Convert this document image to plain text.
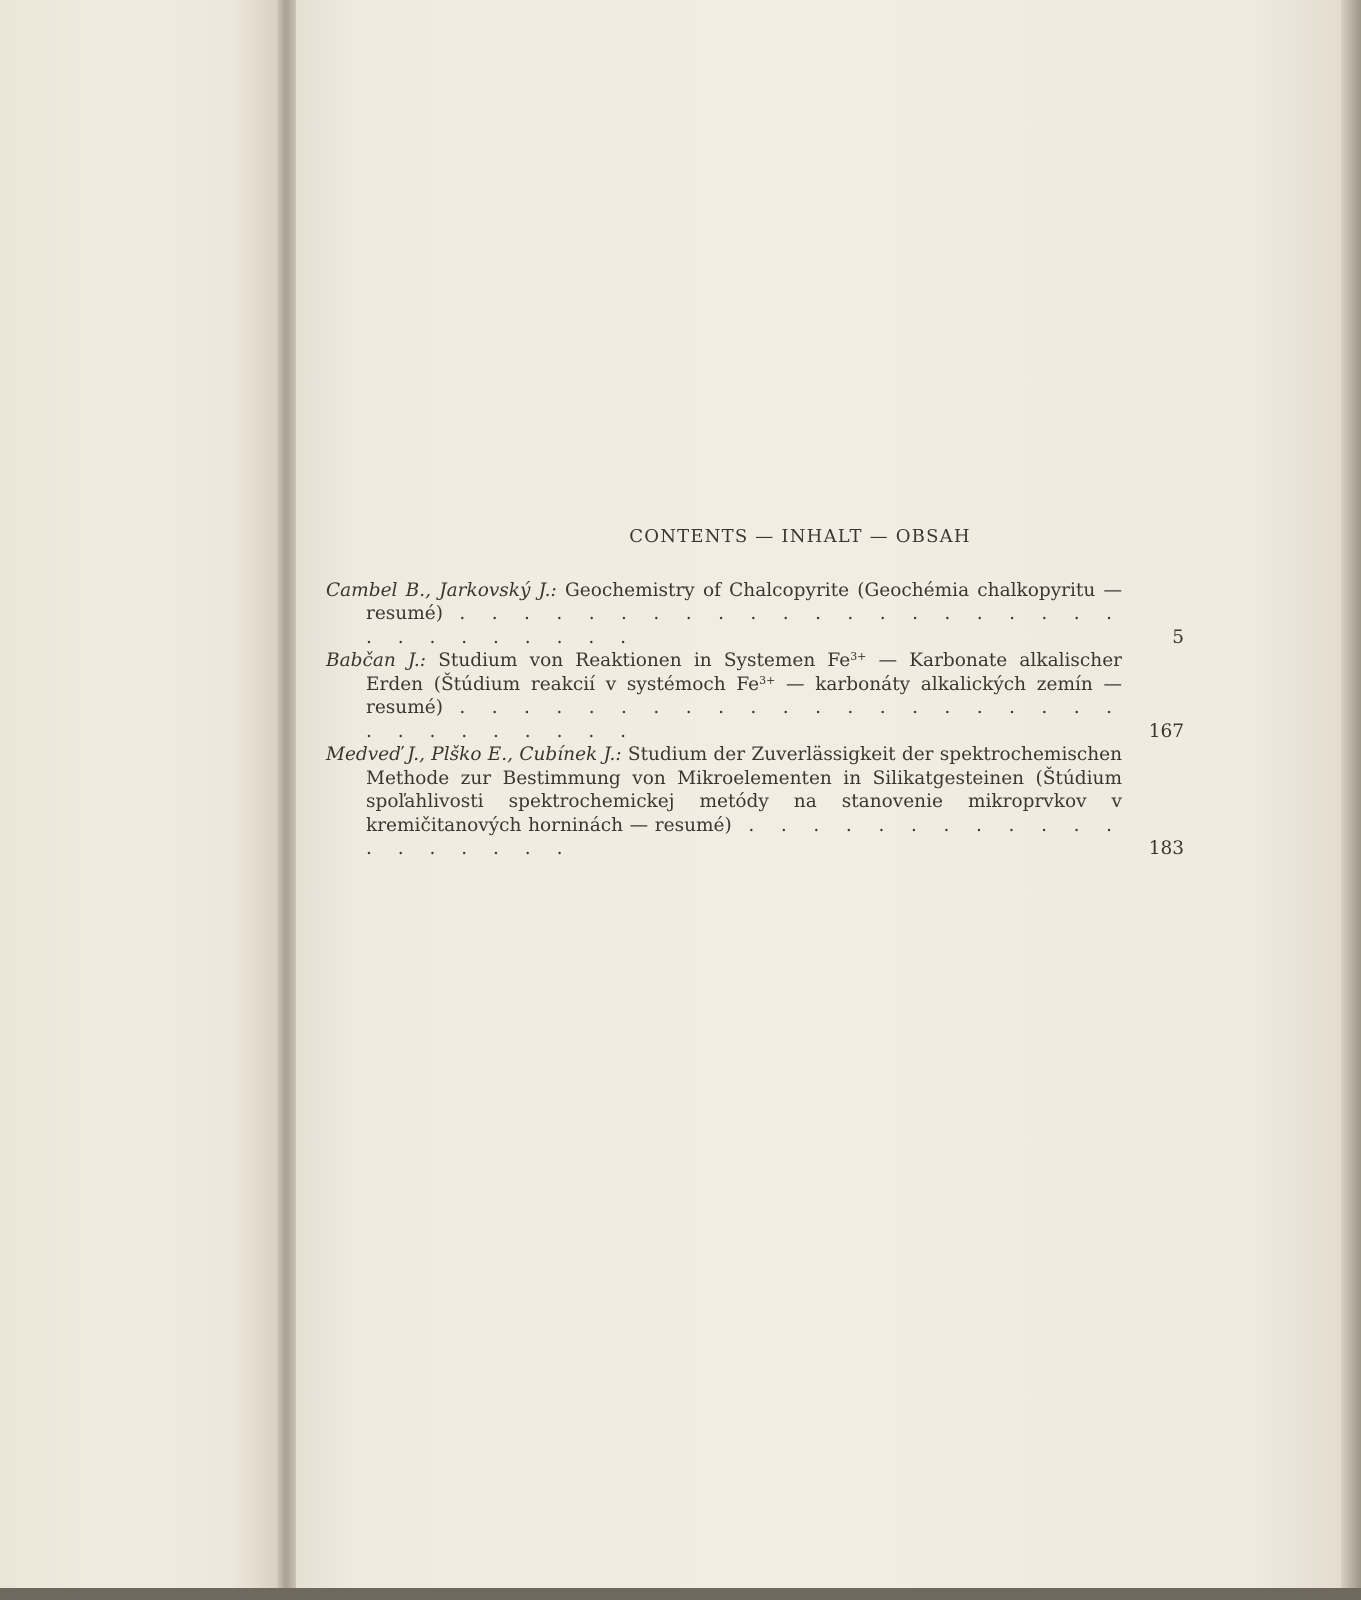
CONTENTS — INHALT — OBSAH
Cambel B., Jarkovský J.: Geochemistry of Chalcopyrite (Geochémia chalkopyritu — resumé) . . . . . . . . . . . . . . . . . . . . . . . . . . . . . .	5
Babčan J.: Studium von Reaktionen in Systemen $Fe^{3+}$ — Karbonate alkalischer Erden (Štúdium reakcií v systémoch $Fe^{3+}$ — karbonáty alkalických zemín — resumé) . . . . . . . . . . . . . . . . . . . . . . . . . . . . . .	167
Medveď J., Plško E., Cubínek J.: Studium der Zuverlässigkeit der spektrochemischen Methode zur Bestimmung von Mikroelementen in Silikatgesteinen (Štúdium spoľahlivosti spektrochemickej metódy na stanovenie mikroprvkov v kremičitanových horninách — resumé) . . . . . . . . . . . . . . . . . . .	183
